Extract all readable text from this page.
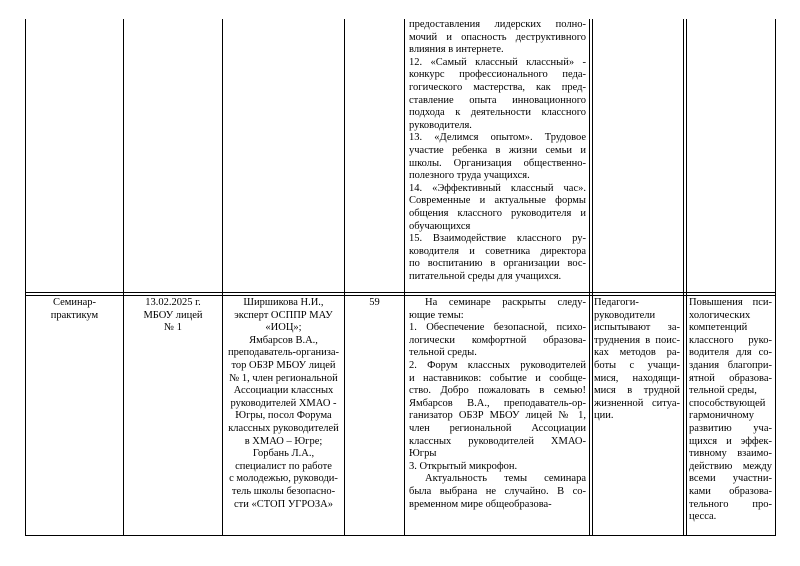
предоставления лидерских полно-
мочий и опасность деструктивного
влияния в интернете.
12. «Самый классный классный» -
конкурс профессионального педа-
гогического мастерства, как пред-
ставление опыта инновационного
подхода к деятельности классного
руководителя.
13. «Делимся опытом». Трудовое
участие ребенка в жизни семьи и
школы. Организация общественно-
полезного труда учащихся.
14. «Эффективный классный час».
Современные и актуальные формы
общения классного руководителя и
обучающихся
15. Взаимодействие классного ру-
ководителя и советника директора
по воспитанию в организации вос-
питательной среды для учащихся.
Семинар-
практикум
13.02.2025 г.
МБОУ лицей
№ 1
Ширшикова Н.И.,
эксперт ОСППР МАУ
«ИОЦ»;
Ямбарсов В.А.,
преподаватель-организа-
тор ОБЗР МБОУ лицей
№ 1, член региональной
Ассоциации классных
руководителей ХМАО -
Югры, посол Форума
классных руководителей
в ХМАО – Югре;
Горбань Л.А.,
специалист по работе
с молодежью, руководи-
тель школы безопасно-
сти «СТОП УГРОЗА»
59	На семинаре раскрыты следу-
ющие темы:
1. Обеспечение безопасной, психо-
логически комфортной образова-
тельной среды.
2. Форум классных руководителей
и наставников: событие и сообще-
ство. Добро пожаловать в семью!
Ямбарсов В.А., преподаватель-ор-
ганизатор ОБЗР МБОУ лицей № 1,
член региональной Ассоциации
классных руководителей ХМАО-
Югры
3. Открытый микрофон.
Актуальность темы семинара
была выбрана не случайно. В со-
временном мире общеобразова-
Педагоги-
руководители
испытывают за-
труднения в поис-
ках методов ра-
боты с учащи-
мися, находящи-
мися в трудной
жизненной ситуа-
ции.
Повышения пси-
хологических
компетенций
классного руко-
водителя для со-
здания благопри-
ятной образова-
тельной среды,
способствующей
гармоничному
развитию уча-
щихся и эффек-
тивному взаимо-
действию между
всеми участни-
ками образова-
тельного про-
цесса.
